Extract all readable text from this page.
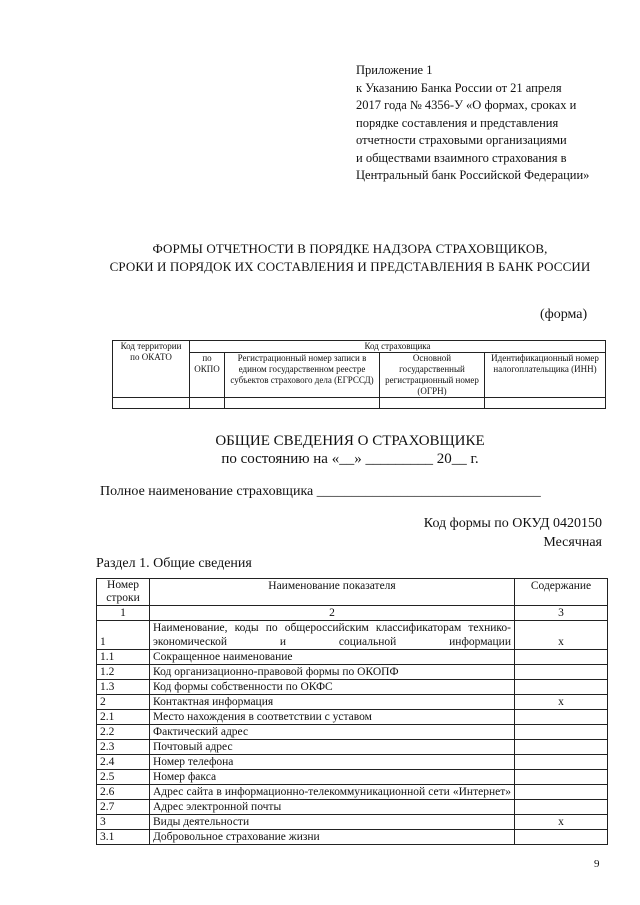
Приложение 1
к Указанию Банка России от 21 апреля
2017 года № 4356-У «О формах, сроках и
порядке составления и представления
отчетности страховыми организациями
и обществами взаимного страхования в
Центральный банк Российской Федерации»
ФОРМЫ ОТЧЕТНОСТИ В ПОРЯДКЕ НАДЗОРА СТРАХОВЩИКОВ,
СРОКИ И ПОРЯДОК ИХ СОСТАВЛЕНИЯ И ПРЕДСТАВЛЕНИЯ В БАНК РОССИИ
(форма)
Код территории по ОКАТО	Код страховщика			
	по ОКПО	Регистрационный номер записи в едином государственном реестре субъектов страхового дела (ЕГРССД)	Основной государственный регистрационный номер (ОГРН)	Идентификационный номер налогоплательщика (ИНН)

ОБЩИЕ СВЕДЕНИЯ О СТРАХОВЩИКЕ
по состоянию на «__» _________ 20__ г.
Полное наименование страховщика ________________________________
Код формы по ОКУД 0420150
Месячная
Раздел 1. Общие сведения
Номер строки	Наименование показателя	Содержание
1	2	3
1	Наименование, коды по общероссийским классификаторам технико-экономической и социальной информации	x
1.1	Сокращенное наименование	
1.2	Код организационно-правовой формы по ОКОПФ	
1.3	Код формы собственности по ОКФС	
2	Контактная информация	x
2.1	Место нахождения в соответствии с уставом	
2.2	Фактический адрес	
2.3	Почтовый адрес	
2.4	Номер телефона	
2.5	Номер факса	
2.6	Адрес сайта в информационно-телекоммуникационной сети «Интернет»	
2.7	Адрес электронной почты	
3	Виды деятельности	x
3.1	Добровольное страхование жизни	
9
